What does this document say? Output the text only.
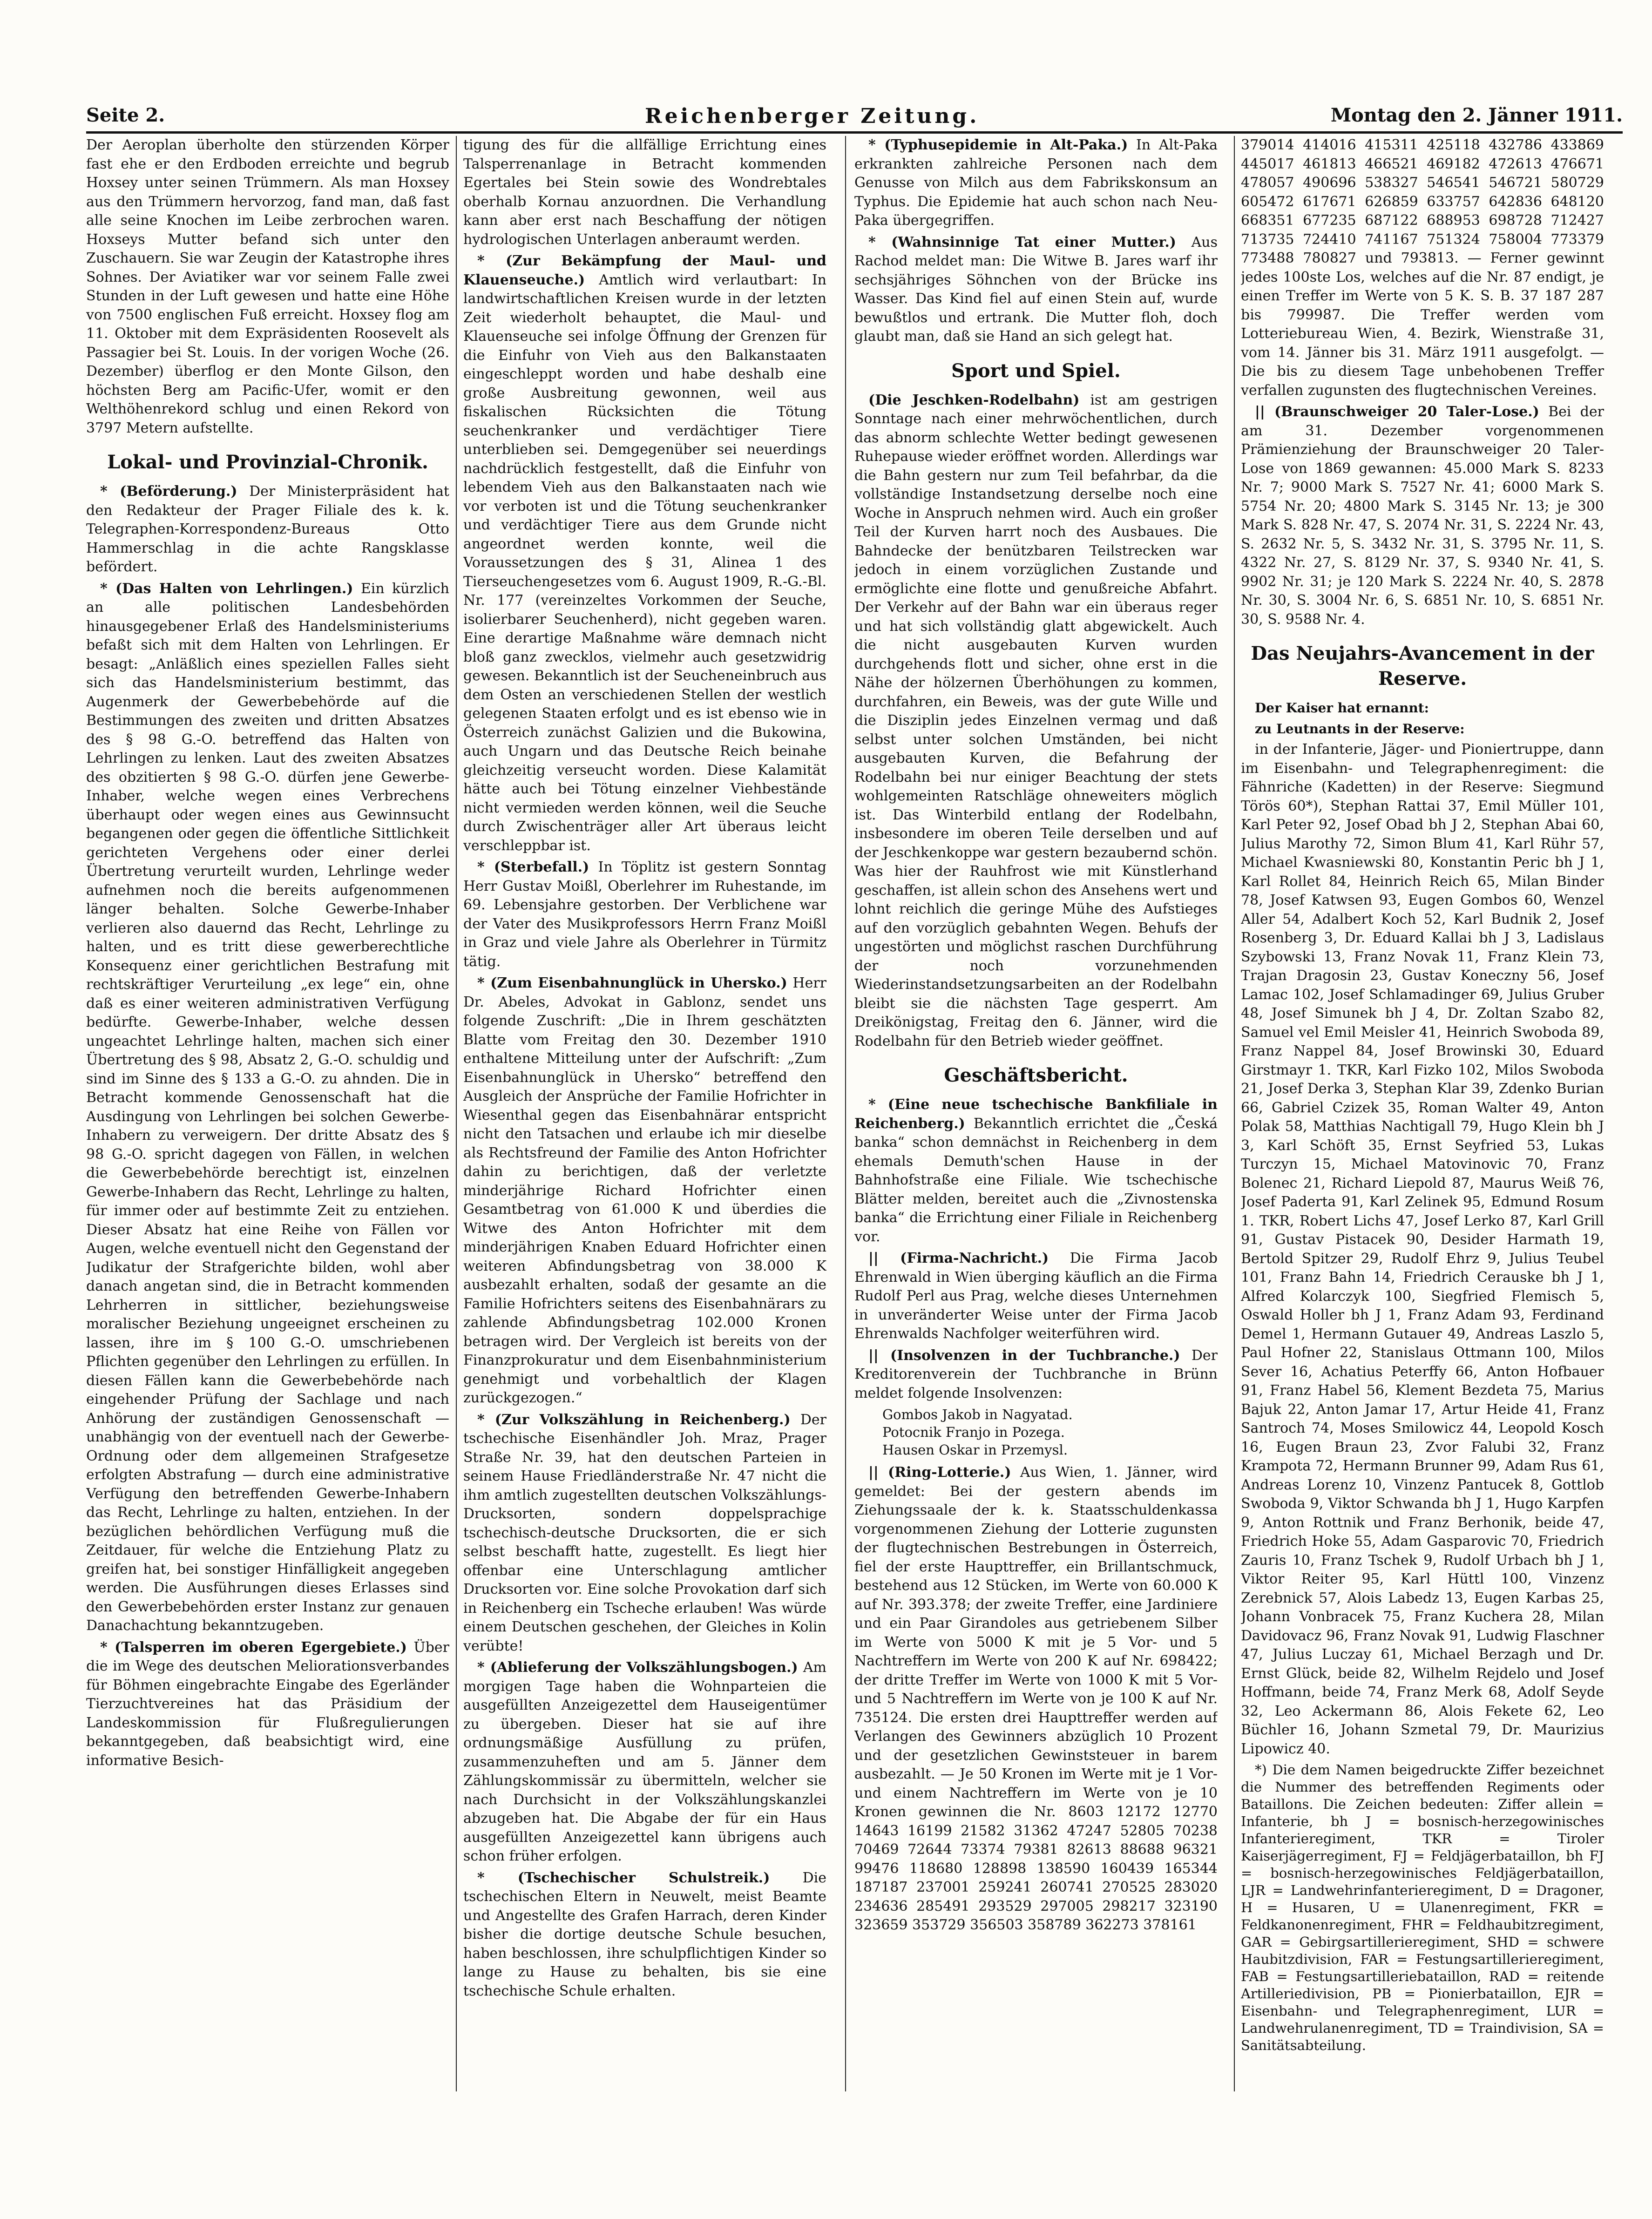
Seite 2.	Reichenberger Zeitung.	Montag den 2. Jänner 1911.

Der Aeroplan überholte den stürzenden Körper fast ehe er den Erdboden erreichte und begrub Hoxsey unter seinen Trümmern. Als man Hoxsey aus den Trümmern hervorzog, fand man, daß fast alle seine Knochen im Leibe zerbrochen waren. Hoxseys Mutter befand sich unter den Zuschauern. Sie war Zeugin der Katastrophe ihres Sohnes. Der Aviatiker war vor seinem Falle zwei Stunden in der Luft gewesen und hatte eine Höhe von 7500 englischen Fuß erreicht. Hoxsey flog am 11. Oktober mit dem Expräsidenten Roosevelt als Passagier bei St. Louis. In der vorigen Woche (26. Dezember) überflog er den Monte Gilson, den höchsten Berg am Pacific-Ufer, womit er den Welthöhenrekord schlug und einen Rekord von 3797 Metern aufstellte.

Lokal- und Provinzial-Chronik.

* (Beförderung.) Der Ministerpräsident hat den Redakteur der Prager Filiale des k. k. Telegraphen-Korrespondenz-Bureaus Otto Hammerschlag in die achte Rangsklasse befördert.

* (Das Halten von Lehrlingen.) Ein kürzlich an alle politischen Landesbehörden hinausgegebener Erlaß des Handelsministeriums befaßt sich mit dem Halten von Lehrlingen. Er besagt: „Anläßlich eines speziellen Falles sieht sich das Handelsministerium bestimmt, das Augenmerk der Gewerbebehörde auf die Bestimmungen des zweiten und dritten Absatzes des § 98 G.-O. betreffend das Halten von Lehrlingen zu lenken. Laut des zweiten Absatzes des obzitierten § 98 G.-O. dürfen jene Gewerbe-Inhaber, welche wegen eines Verbrechens überhaupt oder wegen eines aus Gewinnsucht begangenen oder gegen die öffentliche Sittlichkeit gerichteten Vergehens oder einer derlei Übertretung verurteilt wurden, Lehrlinge weder aufnehmen noch die bereits aufgenommenen länger behalten. Solche Gewerbe-Inhaber verlieren also dauernd das Recht, Lehrlinge zu halten, und es tritt diese gewerberechtliche Konsequenz einer gerichtlichen Bestrafung mit rechtskräftiger Verurteilung „ex lege“ ein, ohne daß es einer weiteren administrativen Verfügung bedürfte. Gewerbe-Inhaber, welche dessen ungeachtet Lehrlinge halten, machen sich einer Übertretung des § 98, Absatz 2, G.-O. schuldig und sind im Sinne des § 133 a G.-O. zu ahnden. Die in Betracht kommende Genossenschaft hat die Ausdingung von Lehrlingen bei solchen Gewerbe-Inhabern zu verweigern. Der dritte Absatz des § 98 G.-O. spricht dagegen von Fällen, in welchen die Gewerbebehörde berechtigt ist, einzelnen Gewerbe-Inhabern das Recht, Lehrlinge zu halten, für immer oder auf bestimmte Zeit zu entziehen. Dieser Absatz hat eine Reihe von Fällen vor Augen, welche eventuell nicht den Gegenstand der Judikatur der Strafgerichte bilden, wohl aber danach angetan sind, die in Betracht kommenden Lehrherren in sittlicher, beziehungsweise moralischer Beziehung ungeeignet erscheinen zu lassen, ihre im § 100 G.-O. umschriebenen Pflichten gegenüber den Lehrlingen zu erfüllen. In diesen Fällen kann die Gewerbebehörde nach eingehender Prüfung der Sachlage und nach Anhörung der zuständigen Genossenschaft — unabhängig von der eventuell nach der Gewerbe-Ordnung oder dem allgemeinen Strafgesetze erfolgten Abstrafung — durch eine administrative Verfügung den betreffenden Gewerbe-Inhabern das Recht, Lehrlinge zu halten, entziehen. In der bezüglichen behördlichen Verfügung muß die Zeitdauer, für welche die Entziehung Platz zu greifen hat, bei sonstiger Hinfälligkeit angegeben werden. Die Ausführungen dieses Erlasses sind den Gewerbebehörden erster Instanz zur genauen Danachachtung bekanntzugeben.

* (Talsperren im oberen Egergebiete.) Über die im Wege des deutschen Meliorationsverbandes für Böhmen eingebrachte Eingabe des Egerländer Tierzuchtvereines hat das Präsidium der Landeskommission für Flußregulierungen bekanntgegeben, daß beabsichtigt wird, eine informative Besich-

tigung des für die allfällige Errichtung eines Talsperrenanlage in Betracht kommenden Egertales bei Stein sowie des Wondrebtales oberhalb Kornau anzuordnen. Die Verhandlung kann aber erst nach Beschaffung der nötigen hydrologischen Unterlagen anberaumt werden.

* (Zur Bekämpfung der Maul- und Klauenseuche.) Amtlich wird verlautbart: In landwirtschaftlichen Kreisen wurde in der letzten Zeit wiederholt behauptet, die Maul- und Klauenseuche sei infolge Öffnung der Grenzen für die Einfuhr von Vieh aus den Balkanstaaten eingeschleppt worden und habe deshalb eine große Ausbreitung gewonnen, weil aus fiskalischen Rücksichten die Tötung seuchenkranker und verdächtiger Tiere unterblieben sei. Demgegenüber sei neuerdings nachdrücklich festgestellt, daß die Einfuhr von lebendem Vieh aus den Balkanstaaten nach wie vor verboten ist und die Tötung seuchenkranker und verdächtiger Tiere aus dem Grunde nicht angeordnet werden konnte, weil die Voraussetzungen des § 31, Alinea 1 des Tierseuchengesetzes vom 6. August 1909, R.-G.-Bl. Nr. 177 (vereinzeltes Vorkommen der Seuche, isolierbarer Seuchenherd), nicht gegeben waren. Eine derartige Maßnahme wäre demnach nicht bloß ganz zwecklos, vielmehr auch gesetzwidrig gewesen. Bekanntlich ist der Seucheneinbruch aus dem Osten an verschiedenen Stellen der westlich gelegenen Staaten erfolgt und es ist ebenso wie in Österreich zunächst Galizien und die Bukowina, auch Ungarn und das Deutsche Reich beinahe gleichzeitig verseucht worden. Diese Kalamität hätte auch bei Tötung einzelner Viehbestände nicht vermieden werden können, weil die Seuche durch Zwischenträger aller Art überaus leicht verschleppbar ist.

* (Sterbefall.) In Töplitz ist gestern Sonntag Herr Gustav Moißl, Oberlehrer im Ruhestande, im 69. Lebensjahre gestorben. Der Verblichene war der Vater des Musikprofessors Herrn Franz Moißl in Graz und viele Jahre als Oberlehrer in Türmitz tätig.

* (Zum Eisenbahnunglück in Uhersko.) Herr Dr. Abeles, Advokat in Gablonz, sendet uns folgende Zuschrift: „Die in Ihrem geschätzten Blatte vom Freitag den 30. Dezember 1910 enthaltene Mitteilung unter der Aufschrift: „Zum Eisenbahnunglück in Uhersko“ betreffend den Ausgleich der Ansprüche der Familie Hofrichter in Wiesenthal gegen das Eisenbahnärar entspricht nicht den Tatsachen und erlaube ich mir dieselbe als Rechtsfreund der Familie des Anton Hofrichter dahin zu berichtigen, daß der verletzte minderjährige Richard Hofrichter einen Gesamtbetrag von 61.000 K und überdies die Witwe des Anton Hofrichter mit dem minderjährigen Knaben Eduard Hofrichter einen weiteren Abfindungsbetrag von 38.000 K ausbezahlt erhalten, sodaß der gesamte an die Familie Hofrichters seitens des Eisenbahnärars zu zahlende Abfindungsbetrag 102.000 Kronen betragen wird. Der Vergleich ist bereits von der Finanzprokuratur und dem Eisenbahnministerium genehmigt und vorbehaltlich der Klagen zurückgezogen.“

* (Zur Volkszählung in Reichenberg.) Der tschechische Eisenhändler Joh. Mraz, Prager Straße Nr. 39, hat den deutschen Parteien in seinem Hause Friedländerstraße Nr. 47 nicht die ihm amtlich zugestellten deutschen Volkszählungs-Drucksorten, sondern doppelsprachige tschechisch-deutsche Drucksorten, die er sich selbst beschafft hatte, zugestellt. Es liegt hier offenbar eine Unterschlagung amtlicher Drucksorten vor. Eine solche Provokation darf sich in Reichenberg ein Tscheche erlauben! Was würde einem Deutschen geschehen, der Gleiches in Kolin verübte!

* (Ablieferung der Volkszählungsbogen.) Am morgigen Tage haben die Wohnparteien die ausgefüllten Anzeigezettel dem Hauseigentümer zu übergeben. Dieser hat sie auf ihre ordnungsmäßige Ausfüllung zu prüfen, zusammenzuheften und am 5. Jänner dem Zählungskommissär zu übermitteln, welcher sie nach Durchsicht in der Volkszählungskanzlei abzugeben hat. Die Abgabe der für ein Haus ausgefüllten Anzeigezettel kann übrigens auch schon früher erfolgen.

* (Tschechischer Schulstreik.) Die tschechischen Eltern in Neuwelt, meist Beamte und Angestellte des Grafen Harrach, deren Kinder bisher die dortige deutsche Schule besuchen, haben beschlossen, ihre schulpflichtigen Kinder so lange zu Hause zu behalten, bis sie eine tschechische Schule erhalten.

* (Typhusepidemie in Alt-Paka.) In Alt-Paka erkrankten zahlreiche Personen nach dem Genusse von Milch aus dem Fabrikskonsum an Typhus. Die Epidemie hat auch schon nach Neu-Paka übergegriffen.

* (Wahnsinnige Tat einer Mutter.) Aus Rachod meldet man: Die Witwe B. Jares warf ihr sechsjähriges Söhnchen von der Brücke ins Wasser. Das Kind fiel auf einen Stein auf, wurde bewußtlos und ertrank. Die Mutter floh, doch glaubt man, daß sie Hand an sich gelegt hat.

Sport und Spiel.

(Die Jeschken-Rodelbahn) ist am gestrigen Sonntage nach einer mehrwöchentlichen, durch das abnorm schlechte Wetter bedingt gewesenen Ruhepause wieder eröffnet worden. Allerdings war die Bahn gestern nur zum Teil befahrbar, da die vollständige Instandsetzung derselbe noch eine Woche in Anspruch nehmen wird. Auch ein großer Teil der Kurven harrt noch des Ausbaues. Die Bahndecke der benützbaren Teilstrecken war jedoch in einem vorzüglichen Zustande und ermöglichte eine flotte und genußreiche Abfahrt. Der Verkehr auf der Bahn war ein überaus reger und hat sich vollständig glatt abgewickelt. Auch die nicht ausgebauten Kurven wurden durchgehends flott und sicher, ohne erst in die Nähe der hölzernen Überhöhungen zu kommen, durchfahren, ein Beweis, was der gute Wille und die Disziplin jedes Einzelnen vermag und daß selbst unter solchen Umständen, bei nicht ausgebauten Kurven, die Befahrung der Rodelbahn bei nur einiger Beachtung der stets wohlgemeinten Ratschläge ohneweiters möglich ist. Das Winterbild entlang der Rodelbahn, insbesondere im oberen Teile derselben und auf der Jeschkenkoppe war gestern bezaubernd schön. Was hier der Rauhfrost wie mit Künstlerhand geschaffen, ist allein schon des Ansehens wert und lohnt reichlich die geringe Mühe des Aufstieges auf den vorzüglich gebahnten Wegen. Behufs der ungestörten und möglichst raschen Durchführung der noch vorzunehmenden Wiederinstandsetzungsarbeiten an der Rodelbahn bleibt sie die nächsten Tage gesperrt. Am Dreikönigstag, Freitag den 6. Jänner, wird die Rodelbahn für den Betrieb wieder geöffnet.

Geschäftsbericht.

* (Eine neue tschechische Bankfiliale in Reichenberg.) Bekanntlich errichtet die „Česká banka“ schon demnächst in Reichenberg in dem ehemals Demuth'schen Hause in der Bahnhofstraße eine Filiale. Wie tschechische Blätter melden, bereitet auch die „Zivnostenska banka“ die Errichtung einer Filiale in Reichenberg vor.

|| (Firma-Nachricht.) Die Firma Jacob Ehrenwald in Wien überging käuflich an die Firma Rudolf Perl aus Prag, welche dieses Unternehmen in unveränderter Weise unter der Firma Jacob Ehrenwalds Nachfolger weiterführen wird.

|| (Insolvenzen in der Tuchbranche.) Der Kreditorenverein der Tuchbranche in Brünn meldet folgende Insolvenzen:

Gombos Jakob in Nagyatad.
Potocnik Franjo in Pozega.
Hausen Oskar in Przemysl.

|| (Ring-Lotterie.) Aus Wien, 1. Jänner, wird gemeldet: Bei der gestern abends im Ziehungssaale der k. k. Staatsschuldenkassa vorgenommenen Ziehung der Lotterie zugunsten der flugtechnischen Bestrebungen in Österreich, fiel der erste Haupttreffer, ein Brillantschmuck, bestehend aus 12 Stücken, im Werte von 60.000 K auf Nr. 393.378; der zweite Treffer, eine Jardiniere und ein Paar Girandoles aus getriebenem Silber im Werte von 5000 K mit je 5 Vor- und 5 Nachtreffern im Werte von 200 K auf Nr. 698422; der dritte Treffer im Werte von 1000 K mit 5 Vor- und 5 Nachtreffern im Werte von je 100 K auf Nr. 735124. Die ersten drei Haupttreffer werden auf Verlangen des Gewinners abzüglich 10 Prozent und der gesetzlichen Gewinststeuer in barem ausbezahlt. — Je 50 Kronen im Werte mit je 1 Vor- und einem Nachtreffern im Werte von je 10 Kronen gewinnen die Nr. 8603 12172 12770 14643 16199 21582 31362 47247 52805 70238 70469 72644 73374 79381 82613 88688 96321 99476 118680 128898 138590 160439 165344 187187 237001 259241 260741 270525 283020 234636 285491 293529 297005 298217 323190 323659 353729 356503 358789 362273 378161

379014 414016 415311 425118 432786 433869 445017 461813 466521 469182 472613 476671 478057 490696 538327 546541 546721 580729 605472 617671 626859 633757 642836 648120 668351 677235 687122 688953 698728 712427 713735 724410 741167 751324 758004 773379 773488 780827 und 793813. — Ferner gewinnt jedes 100ste Los, welches auf die Nr. 87 endigt, je einen Treffer im Werte von 5 K. S. B. 37 187 287 bis 799987. Die Treffer werden vom Lotteriebureau Wien, 4. Bezirk, Wienstraße 31, vom 14. Jänner bis 31. März 1911 ausgefolgt. — Die bis zu diesem Tage unbehobenen Treffer verfallen zugunsten des flugtechnischen Vereines.

|| (Braunschweiger 20 Taler-Lose.) Bei der am 31. Dezember vorgenommenen Prämienziehung der Braunschweiger 20 Taler-Lose von 1869 gewannen: 45.000 Mark S. 8233 Nr. 7; 9000 Mark S. 7527 Nr. 41; 6000 Mark S. 5754 Nr. 20; 4800 Mark S. 3145 Nr. 13; je 300 Mark S. 828 Nr. 47, S. 2074 Nr. 31, S. 2224 Nr. 43, S. 2632 Nr. 5, S. 3432 Nr. 31, S. 3795 Nr. 11, S. 4322 Nr. 27, S. 8129 Nr. 37, S. 9340 Nr. 41, S. 9902 Nr. 31; je 120 Mark S. 2224 Nr. 40, S. 2878 Nr. 30, S. 3004 Nr. 6, S. 6851 Nr. 10, S. 6851 Nr. 30, S. 9588 Nr. 4.

Das Neujahrs-Avancement in der Reserve.
Der Kaiser hat ernannt:
zu Leutnants in der Reserve:

in der Infanterie, Jäger- und Pioniertruppe, dann im Eisenbahn- und Telegraphenregiment: die Fähnriche (Kadetten) in der Reserve: Siegmund Törös 60*), Stephan Rattai 37, Emil Müller 101, Karl Peter 92, Josef Obad bh J 2, Stephan Abai 60, Julius Marothy 72, Simon Blum 41, Karl Rühr 57, Michael Kwasniewski 80, Konstantin Peric bh J 1, Karl Rollet 84, Heinrich Reich 65, Milan Binder 78, Josef Katwsen 93, Eugen Gombos 60, Wenzel Aller 54, Adalbert Koch 52, Karl Budnik 2, Josef Rosenberg 3, Dr. Eduard Kallai bh J 3, Ladislaus Szybowski 13, Franz Novak 11, Franz Klein 73, Trajan Dragosin 23, Gustav Koneczny 56, Josef Lamac 102, Josef Schlamadinger 69, Julius Gruber 48, Josef Simunek bh J 4, Dr. Zoltan Szabo 82, Samuel vel Emil Meisler 41, Heinrich Swoboda 89, Franz Nappel 84, Josef Browinski 30, Eduard Girstmayr 1. TKR, Karl Fizko 102, Milos Swoboda 21, Josef Derka 3, Stephan Klar 39, Zdenko Burian 66, Gabriel Czizek 35, Roman Walter 49, Anton Polak 58, Matthias Nachtigall 79, Hugo Klein bh J 3, Karl Schöft 35, Ernst Seyfried 53, Lukas Turczyn 15, Michael Matovinovic 70, Franz Bolenec 21, Richard Liepold 87, Maurus Weiß 76, Josef Paderta 91, Karl Zelinek 95, Edmund Rosum 1. TKR, Robert Lichs 47, Josef Lerko 87, Karl Grill 91, Gustav Pistacek 90, Desider Harmath 19, Bertold Spitzer 29, Rudolf Ehrz 9, Julius Teubel 101, Franz Bahn 14, Friedrich Cerauske bh J 1, Alfred Kolarczyk 100, Siegfried Flemisch 5, Oswald Holler bh J 1, Franz Adam 93, Ferdinand Demel 1, Hermann Gutauer 49, Andreas Laszlo 5, Paul Hofner 22, Stanislaus Ottmann 100, Milos Sever 16, Achatius Peterffy 66, Anton Hofbauer 91, Franz Habel 56, Klement Bezdeta 75, Marius Bajuk 22, Anton Jamar 17, Artur Heide 41, Franz Santroch 74, Moses Smilowicz 44, Leopold Kosch 16, Eugen Braun 23, Zvor Falubi 32, Franz Krampota 72, Hermann Brunner 99, Adam Rus 61, Andreas Lorenz 10, Vinzenz Pantucek 8, Gottlob Swoboda 9, Viktor Schwanda bh J 1, Hugo Karpfen 9, Anton Rottnik und Franz Berhonik, beide 47, Friedrich Hoke 55, Adam Gasparovic 70, Friedrich Zauris 10, Franz Tschek 9, Rudolf Urbach bh J 1, Viktor Reiter 95, Karl Hüttl 100, Vinzenz Zerebnick 57, Alois Labedz 13, Eugen Karbas 25, Johann Vonbracek 75, Franz Kuchera 28, Milan Davidovacz 96, Franz Novak 91, Ludwig Flaschner 47, Julius Luczay 61, Michael Berzagh und Dr. Ernst Glück, beide 82, Wilhelm Rejdelo und Josef Hoffmann, beide 74, Franz Merk 68, Adolf Seyde 32, Leo Ackermann 86, Alois Fekete 62, Leo Büchler 16, Johann Szmetal 79, Dr. Maurizius Lipowicz 40.

*) Die dem Namen beigedruckte Ziffer bezeichnet die Nummer des betreffenden Regiments oder Bataillons. Die Zeichen bedeuten: Ziffer allein = Infanterie, bh J = bosnisch-herzegowinisches Infanterieregiment, TKR = Tiroler Kaiserjägerregiment, FJ = Feldjägerbataillon, bh FJ = bosnisch-herzegowinisches Feldjägerbataillon, LJR = Landwehrinfanterieregiment, D = Dragoner, H = Husaren, U = Ulanenregiment, FKR = Feldkanonenregiment, FHR = Feldhaubitzregiment, GAR = Gebirgsartillerieregiment, SHD = schwere Haubitzdivision, FAR = Festungsartillerieregiment, FAB = Festungsartilleriebataillon, RAD = reitende Artilleriedivision, PB = Pionierbataillon, EJR = Eisenbahn- und Telegraphenregiment, LUR = Landwehrulanenregiment, TD = Traindivision, SA = Sanitätsabteilung.
